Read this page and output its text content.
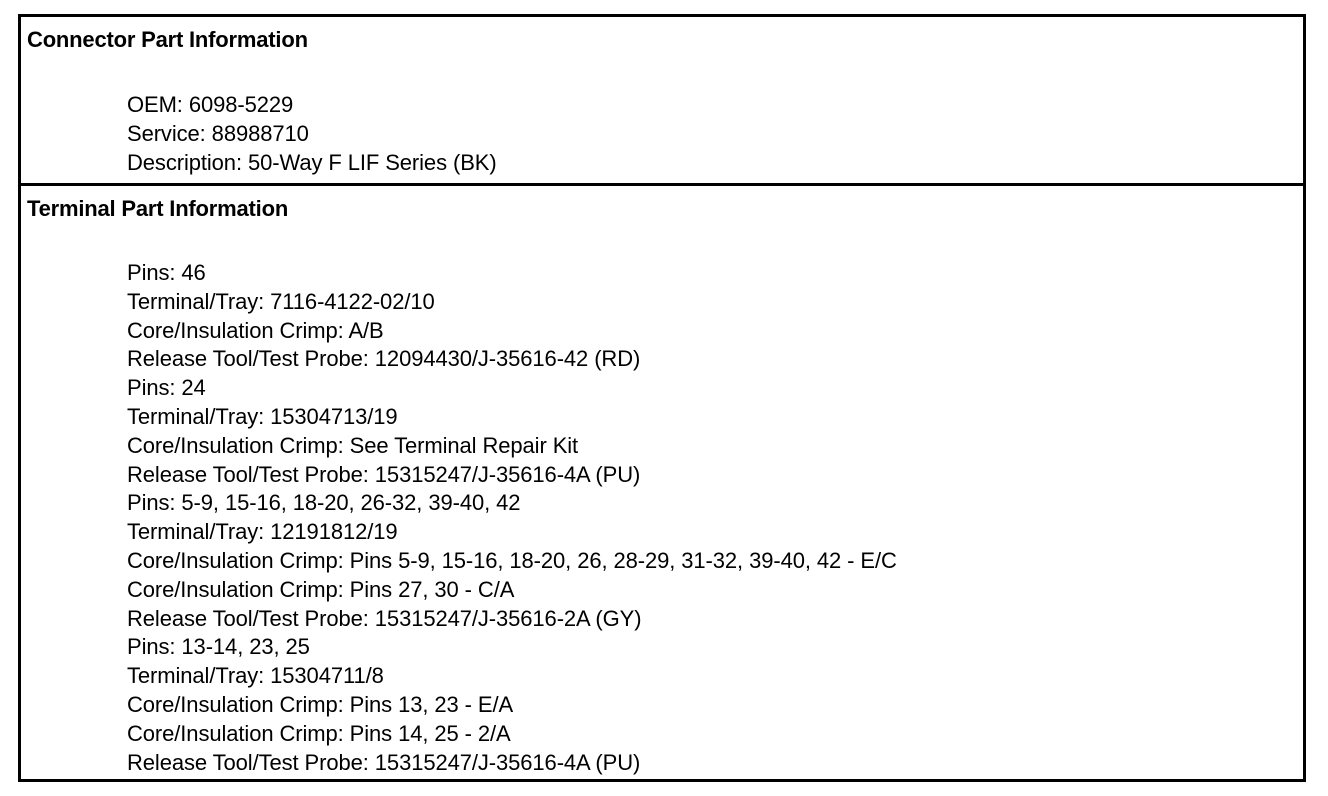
Connector Part Information
OEM: 6098-5229
Service: 88988710
Description: 50-Way F LIF Series (BK)
Terminal Part Information
Pins: 46
Terminal/Tray: 7116-4122-02/10
Core/Insulation Crimp: A/B
Release Tool/Test Probe: 12094430/J-35616-42 (RD)
Pins: 24
Terminal/Tray: 15304713/19
Core/Insulation Crimp: See Terminal Repair Kit
Release Tool/Test Probe: 15315247/J-35616-4A (PU)
Pins: 5-9, 15-16, 18-20, 26-32, 39-40, 42
Terminal/Tray: 12191812/19
Core/Insulation Crimp: Pins 5-9, 15-16, 18-20, 26, 28-29, 31-32, 39-40, 42 - E/C
Core/Insulation Crimp: Pins 27, 30 - C/A
Release Tool/Test Probe: 15315247/J-35616-2A (GY)
Pins: 13-14, 23, 25
Terminal/Tray: 15304711/8
Core/Insulation Crimp: Pins 13, 23 - E/A
Core/Insulation Crimp: Pins 14, 25 - 2/A
Release Tool/Test Probe: 15315247/J-35616-4A (PU)
